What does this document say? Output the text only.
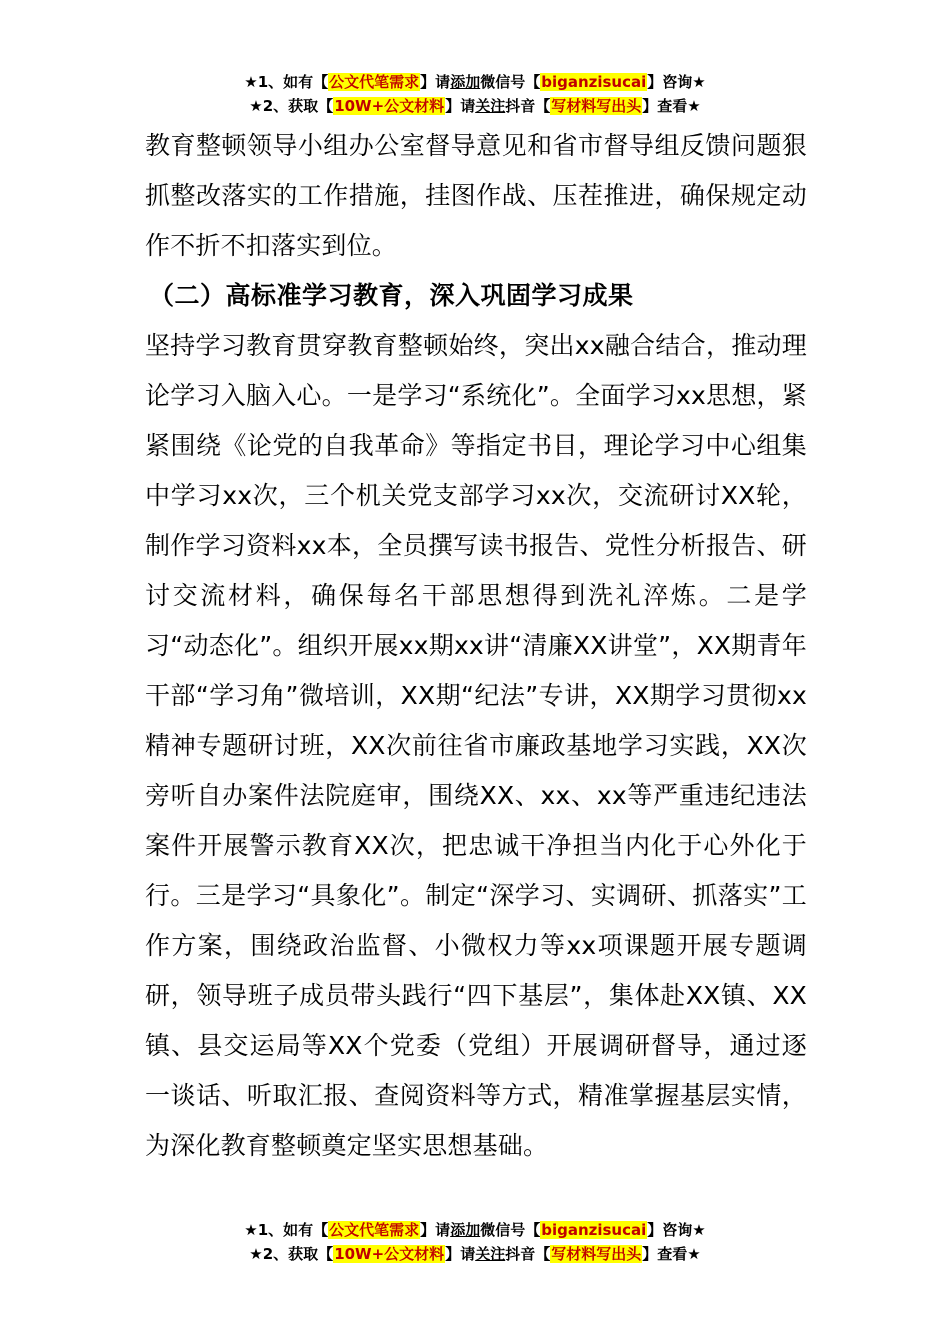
★1、如有【公文代笔需求】请添加微信号【biganzisucai】咨询★
★2、获取【10W+公文材料】请关注抖音【写材料写出头】查看★

教育整顿领导小组办公室督导意见和省市督导组反馈问题狠抓整改落实的工作措施，挂图作战、压茬推进，确保规定动作不折不扣落实到位。

（二）高标准学习教育，深入巩固学习成果

坚持学习教育贯穿教育整顿始终，突出xx融合结合，推动理论学习入脑入心。一是学习“系统化”。全面学习xx思想，紧紧围绕《论党的自我革命》等指定书目，理论学习中心组集中学习xx次，三个机关党支部学习xx次，交流研讨XX轮，制作学习资料xx本，全员撰写读书报告、党性分析报告、研讨交流材料，确保每名干部思想得到洗礼淬炼。二是学习“动态化”。组织开展xx期xx讲“清廉XX讲堂”，XX期青年干部“学习角”微培训，XX期“纪法”专讲，XX期学习贯彻xx精神专题研讨班，XX次前往省市廉政基地学习实践，XX次旁听自办案件法院庭审，围绕XX、xx、xx等严重违纪违法案件开展警示教育XX次，把忠诚干净担当内化于心外化于行。三是学习“具象化”。制定“深学习、实调研、抓落实”工作方案，围绕政治监督、小微权力等xx项课题开展专题调研，领导班子成员带头践行“四下基层”，集体赴XX镇、XX镇、县交运局等XX个党委（党组）开展调研督导，通过逐一谈话、听取汇报、查阅资料等方式，精准掌握基层实情，为深化教育整顿奠定坚实思想基础。

★1、如有【公文代笔需求】请添加微信号【biganzisucai】咨询★
★2、获取【10W+公文材料】请关注抖音【写材料写出头】查看★
